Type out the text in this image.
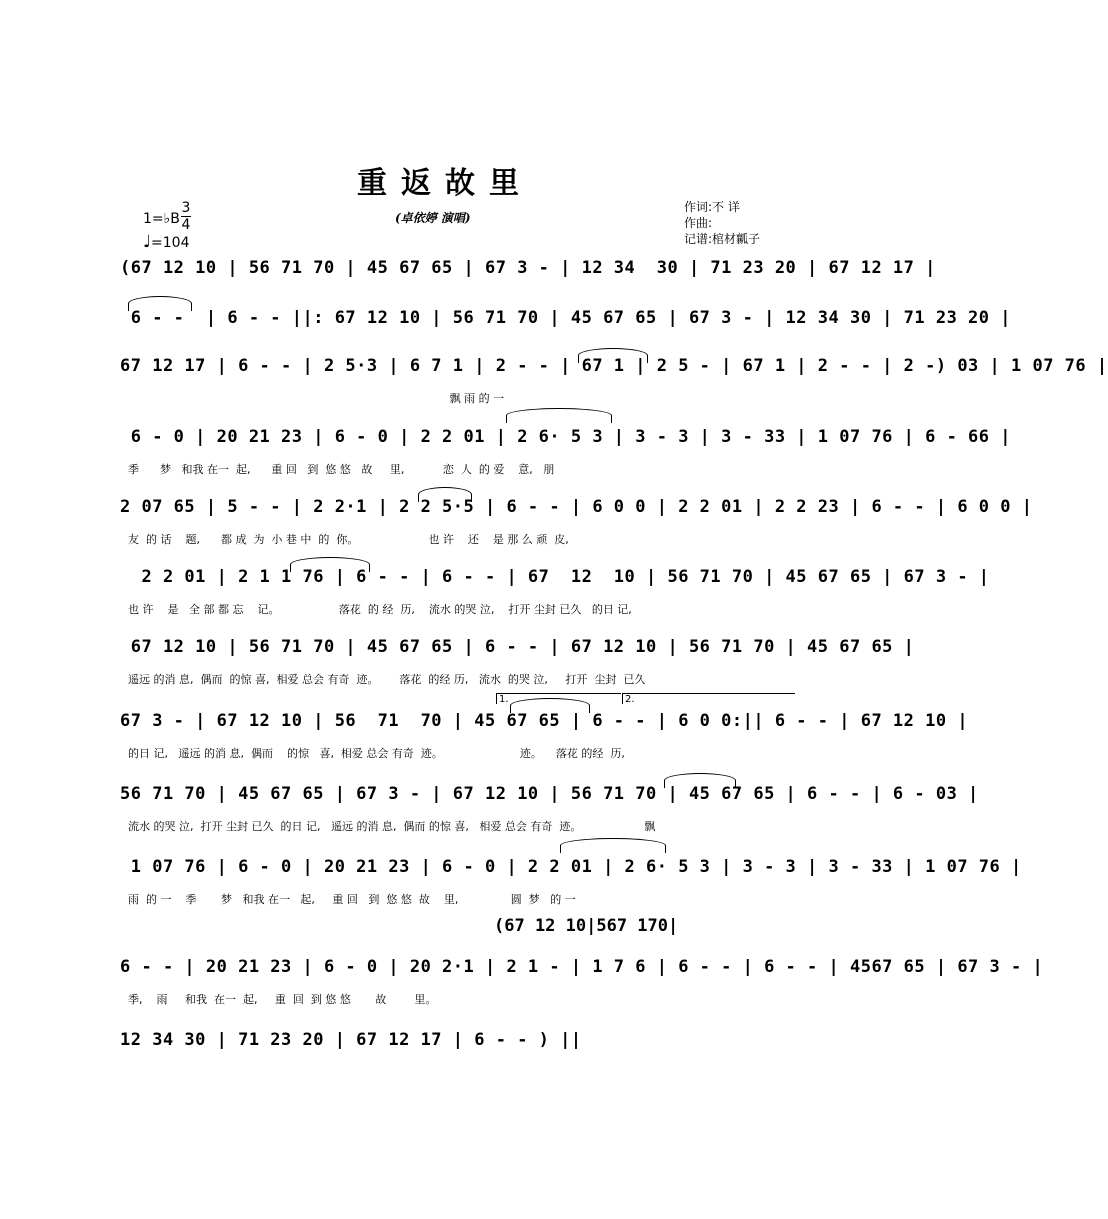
重返故里
1=♭B
3
4
♩=104
(卓依婷 演唱)
作词:不 详
作曲:
记谱:棺材瓤子
(67 12 10 | 56 71 70 | 45 67 65 | 67 3 - | 12 34  30 | 71 23 20 | 67 12 17 |
6 - -  | 6 - - ||: 67 12 10 | 56 71 70 | 45 67 65 | 67 3 - | 12 34 30 | 71 23 20 |
67 12 17 | 6 - - | 2 5·3 | 6 7 1 | 2 - - | 67 1 | 2 5 - | 67 1 | 2 - - | 2 -) 03 | 1 07 76 |
飘 雨 的 一
6 - 0 | 20 21 23 | 6 - 0 | 2 2 01 | 2 6· 5 3 | 3 - 3 | 3 - 33 | 1 07 76 | 6 - 66 |
季      梦   和我 在一  起,      重 回   到  悠 悠   故     里,           恋  人  的 爱    意,   朋
2 07 65 | 5 - - | 2 2·1 | 2 2 5·5 | 6 - - | 6 0 0 | 2 2 01 | 2 2 23 | 6 - - | 6 0 0 |
友  的 话    题,      都 成  为  小 巷 中  的  你。                    也 许    还    是 那 么 顽  皮,
2 2 01 | 2 1 1 76 | 6 - - | 6 - - | 67  12  10 | 56 71 70 | 45 67 65 | 67 3 - |
也 许    是   全 部 都 忘    记。                 落花  的 经  历,    流水 的哭 泣,    打开 尘封 已久   的日 记,
67 12 10 | 56 71 70 | 45 67 65 | 6 - - | 67 12 10 | 56 71 70 | 45 67 65 |
遥远 的消 息,  偶而  的惊 喜,  相爱 总会 有奇  迹。      落花  的经 历,   流水  的哭 泣,     打开  尘封  已久
1.	2.
67 3 - | 67 12 10 | 56  71  70 | 45 67 65 | 6 - - | 6 0 0:|| 6 - - | 67 12 10 |
的日 记,   遥远 的消 息,  偶而    的惊   喜,  相爱 总会 有奇  迹。                      迹。    落花 的经  历,
56 71 70 | 45 67 65 | 67 3 - | 67 12 10 | 56 71 70 | 45 67 65 | 6 - - | 6 - 03 |
流水 的哭 泣,  打开 尘封 已久  的日 记,   遥远 的消 息,  偶而 的惊 喜,   相爱 总会 有奇  迹。                  飘
1 07 76 | 6 - 0 | 20 21 23 | 6 - 0 | 2 2 01 | 2 6· 5 3 | 3 - 3 | 3 - 33 | 1 07 76 |
雨  的 一    季       梦   和我 在一   起,     重 回   到  悠 悠  故    里,               圆  梦   的 一
(67 12 10|567 170|
6 - - | 20 21 23 | 6 - 0 | 20 2·1 | 2 1 - | 1 7 6 | 6 - - | 6 - - | 4567 65 | 67 3 - |
季,    雨     和我  在一  起,     重  回  到 悠 悠       故        里。
12 34 30 | 71 23 20 | 67 12 17 | 6 - - ) ||
